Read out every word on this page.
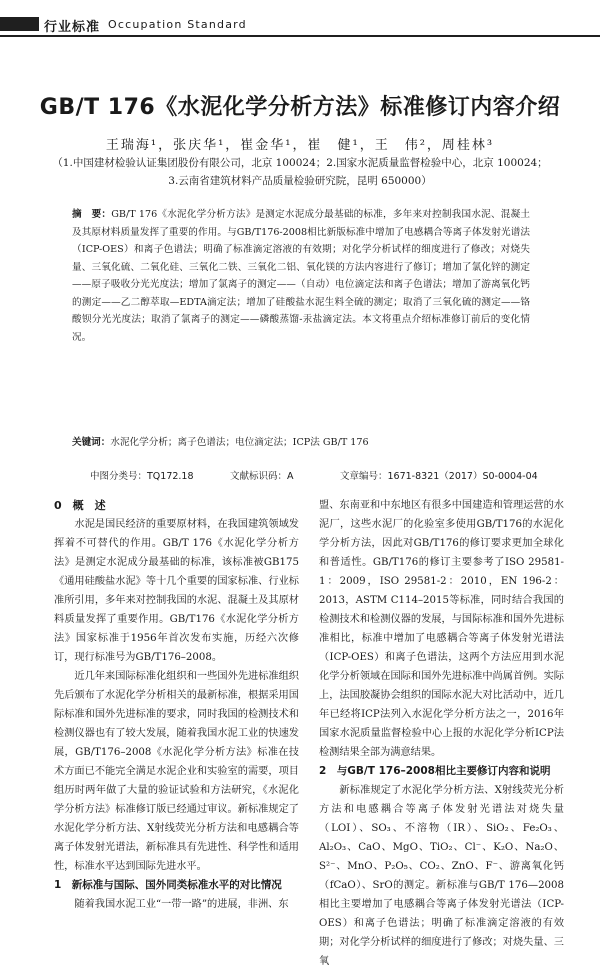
行业标准 Occupation Standard
GB/T 176《水泥化学分析方法》标准修订内容介绍
王瑞海¹，张庆华¹，崔金华¹，崔　健¹，王　伟²，周桂林³
（1.中国建材检验认证集团股份有限公司，北京 100024；2.国家水泥质量监督检验中心，北京 100024；
3.云南省建筑材料产品质量检验研究院，昆明 650000）
摘　要：GB/T 176《水泥化学分析方法》是测定水泥成分最基础的标准，多年来对控制我国水泥、混凝土及其原材料质量发挥了重要的作用。与GB/T176-2008相比新版标准中增加了电感耦合等离子体发射光谱法（ICP-OES）和离子色谱法；明确了标准滴定溶液的有效期；对化学分析试样的细度进行了修改；对烧失量、三氧化硫、二氧化硅、三氧化二铁、三氧化二铝、氧化镁的方法内容进行了修订；增加了氯化锌的测定——原子吸收分光光度法；增加了氯离子的测定——（自动）电位滴定法和离子色谱法；增加了游离氧化钙的测定——乙二醇萃取—EDTA滴定法；增加了硅酸盐水泥生料全硫的测定；取消了三氧化硫的测定——铬酸钡分光光度法；取消了氯离子的测定——磷酸蒸馏-汞盐滴定法。本文将重点介绍标准修订前后的变化情况。
关键词：水泥化学分析；离子色谱法；电位滴定法；ICP法 GB/T 176
中图分类号：TQ172.18	文献标识码：A	文章编号：1671-8321（2017）S0-0004-04

0　概　述

水泥是国民经济的重要原材料，在我国建筑领域发挥着不可替代的作用。GB/T 176《水泥化学分析方法》是测定水泥成分最基础的标准，该标准被GB175《通用硅酸盐水泥》等十几个重要的国家标准、行业标准所引用，多年来对控制我国的水泥、混凝土及其原材料质量发挥了重要作用。GB/T176《水泥化学分析方法》国家标准于1956年首次发布实施，历经六次修订，现行标准号为GB/T176–2008。

近几年来国际标准化组织和一些国外先进标准组织先后颁布了水泥化学分析相关的最新标准，根据采用国际标准和国外先进标准的要求，同时我国的检测技术和检测仪器也有了较大发展，随着我国水泥工业的快速发展，GB/T176–2008《水泥化学分析方法》标准在技术方面已不能完全满足水泥企业和实验室的需要，项目组历时两年做了大量的验证试验和方法研究，《水泥化学分析方法》标准修订版已经通过审议。新标准规定了水泥化学分析方法、X射线荧光分析方法和电感耦合等离子体发射光谱法，新标准具有先进性、科学性和适用性，标准水平达到国际先进水平。

1　新标准与国际、国外同类标准水平的对比情况

随着我国水泥工业“一带一路”的进展，非洲、东

盟、东南亚和中东地区有很多中国建造和管理运营的水泥厂，这些水泥厂的化验室多使用GB/T176的水泥化学分析方法，因此对GB/T176的修订要求更加全球化和普适性。GB/T176的修订主要参考了ISO 29581-1：2009，ISO 29581-2：2010，EN 196-2：2013，ASTM C114–2015等标准，同时结合我国的检测技术和检测仪器的发展，与国际标准和国外先进标准相比，标准中增加了电感耦合等离子体发射光谱法（ICP-OES）和离子色谱法，这两个方法应用到水泥化学分析领域在国际和国外先进标准中尚属首例。实际上，法国胶凝协会组织的国际水泥大对比活动中，近几年已经将ICP法列入水泥化学分析方法之一，2016年国家水泥质量监督检验中心上报的水泥化学分析ICP法检测结果全部为满意结果。

2　与GB/T 176–2008相比主要修订内容和说明

新标准规定了水泥化学分析方法、X射线荧光分析方法和电感耦合等离子体发射光谱法对烧失量（LOI）、SO₃、不溶物（IR）、SiO₂、Fe₂O₃、Al₂O₃、CaO、MgO、TiO₂、Cl⁻、K₂O、Na₂O、S²⁻、MnO、P₂O₅、CO₂、ZnO、F⁻、游离氧化钙（fCaO）、SrO的测定。新标准与GB/T 176—2008相比主要增加了电感耦合等离子体发射光谱法（ICP-OES）和离子色谱法；明确了标准滴定溶液的有效期；对化学分析试样的细度进行了修改；对烧失量、三氧
